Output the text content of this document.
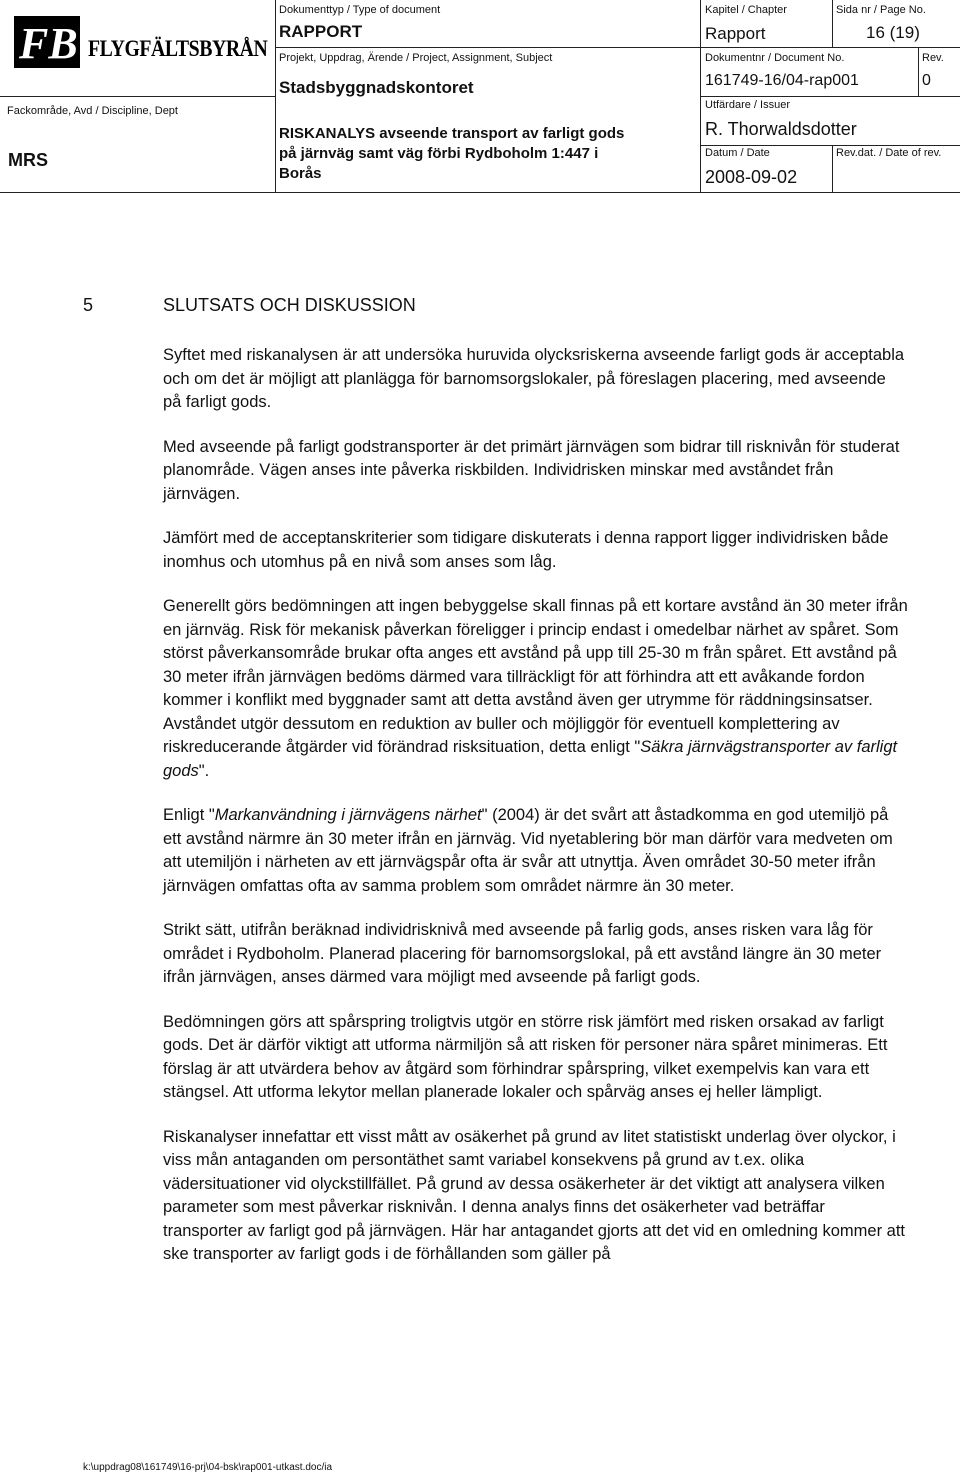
FB FLYGFÄLTSBYRÅN
Fackområde, Avd / Discipline, Dept
MRS
Dokumenttyp / Type of document
RAPPORT
Kapitel / Chapter
Rapport
Sida nr / Page No.
16 (19)
Projekt, Uppdrag, Ärende / Project, Assignment, Subject
Stadsbyggnadskontoret
RISKANALYS avseende transport av farligt gods
på järnväg samt väg förbi Rydboholm 1:447 i
Borås
Dokumentnr / Document No.
161749-16/04-rap001
Rev.
0
Utfärdare / Issuer
R. Thorwaldsdotter
Datum / Date
2008-09-02
Rev.dat. / Date of rev.
5	SLUTSATS OCH DISKUSSION

Syftet med riskanalysen är att undersöka huruvida olycksriskerna avseende farligt gods är acceptabla och om det är möjligt att planlägga för barnomsorgslokaler, på föreslagen placering, med avseende på farligt gods.

Med avseende på farligt godstransporter är det primärt järnvägen som bidrar till risknivån för studerat planområde. Vägen anses inte påverka riskbilden. Individrisken minskar med avståndet från järnvägen.

Jämfört med de acceptanskriterier som tidigare diskuterats i denna rapport ligger individrisken både inomhus och utomhus på en nivå som anses som låg.

Generellt görs bedömningen att ingen bebyggelse skall finnas på ett kortare avstånd än 30 meter ifrån en järnväg. Risk för mekanisk påverkan föreligger i princip endast i omedelbar närhet av spåret. Som störst påverkansområde brukar ofta anges ett avstånd på upp till 25-30 m från spåret. Ett avstånd på 30 meter ifrån järnvägen bedöms därmed vara tillräckligt för att förhindra att ett avåkande fordon kommer i konflikt med byggnader samt att detta avstånd även ger utrymme för räddningsinsatser. Avståndet utgör dessutom en reduktion av buller och möjliggör för eventuell komplettering av riskreducerande åtgärder vid förändrad risksituation, detta enligt "Säkra järnvägstransporter av farligt gods".

Enligt "Markanvändning i järnvägens närhet" (2004) är det svårt att åstadkomma en god utemiljö på ett avstånd närmre än 30 meter ifrån en järnväg. Vid nyetablering bör man därför vara medveten om att utemiljön i närheten av ett järnvägspår ofta är svår att utnyttja. Även området 30-50 meter ifrån järnvägen omfattas ofta av samma problem som området närmre än 30 meter.

Strikt sätt, utifrån beräknad individrisknivå med avseende på farlig gods, anses risken vara låg för området i Rydboholm. Planerad placering för barnomsorgslokal, på ett avstånd längre än 30 meter ifrån järnvägen, anses därmed vara möjligt med avseende på farligt gods.

Bedömningen görs att spårspring troligtvis utgör en större risk jämfört med risken orsakad av farligt gods. Det är därför viktigt att utforma närmiljön så att risken för personer nära spåret minimeras. Ett förslag är att utvärdera behov av åtgärd som förhindrar spårspring, vilket exempelvis kan vara ett stängsel. Att utforma lekytor mellan planerade lokaler och spårväg anses ej heller lämpligt.

Riskanalyser innefattar ett visst mått av osäkerhet på grund av litet statistiskt underlag över olyckor, i viss mån antaganden om persontäthet samt variabel konsekvens på grund av t.ex. olika vädersituationer vid olyckstillfället. På grund av dessa osäkerheter är det viktigt att analysera vilken parameter som mest påverkar risknivån. I denna analys finns det osäkerheter vad beträffar transporter av farligt god på järnvägen. Här har antagandet gjorts att det vid en omledning kommer att ske transporter av farligt gods i de förhållanden som gäller på

k:\uppdrag08\161749\16-prj\04-bsk\rap001-utkast.doc/ia
